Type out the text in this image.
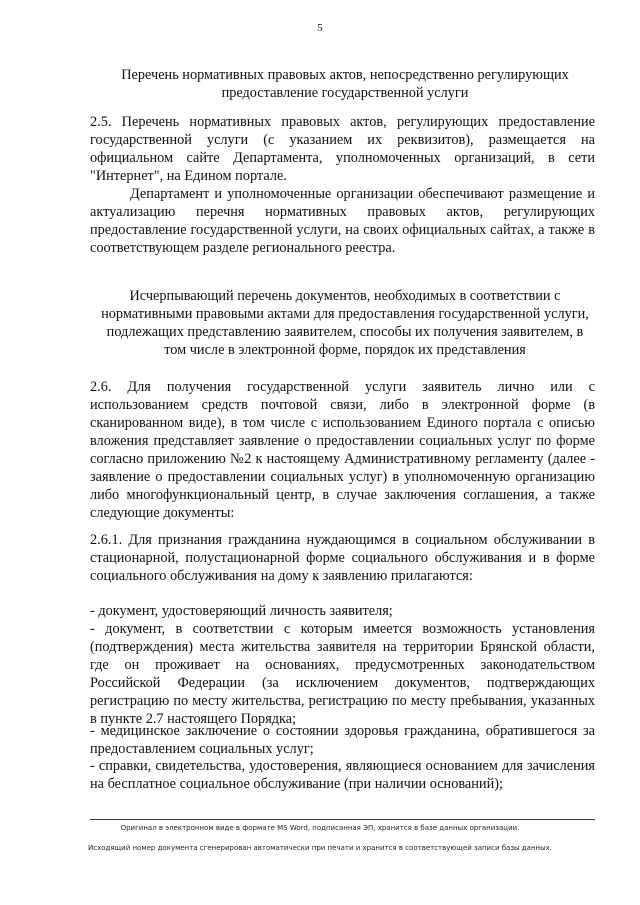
5
Перечень нормативных правовых актов, непосредственно регулирующих предоставление государственной услуги
2.5. Перечень нормативных правовых актов, регулирующих предоставление государственной услуги (с указанием их реквизитов), размещается на официальном сайте Департамента, уполномоченных организаций, в сети "Интернет", на Едином портале.
Департамент и уполномоченные организации обеспечивают размещение и актуализацию перечня нормативных правовых актов, регулирующих предоставление государственной услуги, на своих официальных сайтах, а также в соответствующем разделе регионального реестра.
Исчерпывающий перечень документов, необходимых в соответствии с нормативными правовыми актами для предоставления государственной услуги, подлежащих представлению заявителем, способы их получения заявителем, в том числе в электронной форме, порядок их представления
2.6. Для получения государственной услуги заявитель лично или с использованием средств почтовой связи, либо в электронной форме (в сканированном виде), в том числе с использованием Единого портала с описью вложения представляет заявление о предоставлении социальных услуг по форме согласно приложению №2 к настоящему Административному регламенту (далее - заявление о предоставлении социальных услуг) в уполномоченную организацию либо многофункциональный центр, в случае заключения соглашения, а также следующие документы:
2.6.1. Для признания гражданина нуждающимся в социальном обслуживании в стационарной, полустационарной форме социального обслуживания и в форме социального обслуживания на дому к заявлению прилагаются:
- документ, удостоверяющий личность заявителя;
- документ, в соответствии с которым имеется возможность установления (подтверждения) места жительства заявителя на территории Брянской области, где он проживает на основаниях, предусмотренных законодательством Российской Федерации (за исключением документов, подтверждающих регистрацию по месту жительства, регистрацию по месту пребывания, указанных в пункте 2.7 настоящего Порядка;
- медицинское заключение о состоянии здоровья гражданина, обратившегося за предоставлением социальных услуг;
- справки, свидетельства, удостоверения, являющиеся основанием для зачисления на бесплатное социальное обслуживание (при наличии оснований);
Оригинал в электронном виде в формате MS Word, подписанная ЭП, хранится в базе данных организации.
Исходящий номер документа сгенерирован автоматически при печати и хранится в соответствующей записи базы данных.
